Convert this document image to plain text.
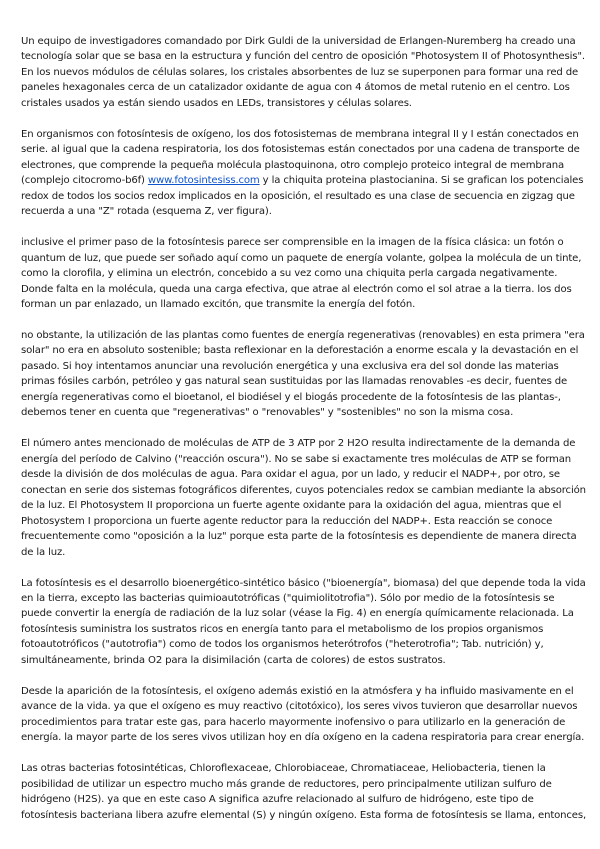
Un equipo de investigadores comandado por Dirk Guldi de la universidad de Erlangen-Nuremberg ha creado una tecnología solar que se basa en la estructura y función del centro de oposición "Photosystem II of Photosynthesis". En los nuevos módulos de células solares, los cristales absorbentes de luz se superponen para formar una red de paneles hexagonales cerca de un catalizador oxidante de agua con 4 átomos de metal rutenio en el centro. Los cristales usados ya están siendo usados en LEDs, transistores y células solares.

En organismos con fotosíntesis de oxígeno, los dos fotosistemas de membrana integral II y I están conectados en serie. al igual que la cadena respiratoria, los dos fotosistemas están conectados por una cadena de transporte de electrones, que comprende la pequeña molécula plastoquinona, otro complejo proteico integral de membrana (complejo citocromo-b6f) www.fotosintesiss.com y la chiquita proteina plastocianina. Si se grafican los potenciales redox de todos los socios redox implicados en la oposición, el resultado es una clase de secuencia en zigzag que recuerda a una "Z" rotada (esquema Z, ver figura).

inclusive el primer paso de la fotosíntesis parece ser comprensible en la imagen de la física clásica: un fotón o quantum de luz, que puede ser soñado aquí como un paquete de energía volante, golpea la molécula de un tinte, como la clorofila, y elimina un electrón, concebido a su vez como una chiquita perla cargada negativamente. Donde falta en la molécula, queda una carga efectiva, que atrae al electrón como el sol atrae a la tierra. los dos forman un par enlazado, un llamado excitón, que transmite la energía del fotón.

no obstante, la utilización de las plantas como fuentes de energía regenerativas (renovables) en esta primera "era solar" no era en absoluto sostenible; basta reflexionar en la deforestación a enorme escala y la devastación en el pasado. Si hoy intentamos anunciar una revolución energética y una exclusiva era del sol donde las materias primas fósiles carbón, petróleo y gas natural sean sustituidas por las llamadas renovables -es decir, fuentes de energía regenerativas como el bioetanol, el biodiésel y el biogás procedente de la fotosíntesis de las plantas-, debemos tener en cuenta que "regenerativas" o "renovables" y "sostenibles" no son la misma cosa.

El número antes mencionado de moléculas de ATP de 3 ATP por 2 H2O resulta indirectamente de la demanda de energía del período de Calvino ("reacción oscura"). No se sabe si exactamente tres moléculas de ATP se forman desde la división de dos moléculas de agua. Para oxidar el agua, por un lado, y reducir el NADP+, por otro, se conectan en serie dos sistemas fotográficos diferentes, cuyos potenciales redox se cambian mediante la absorción de la luz. El Photosystem II proporciona un fuerte agente oxidante para la oxidación del agua, mientras que el Photosystem I proporciona un fuerte agente reductor para la reducción del NADP+. Esta reacción se conoce frecuentemente como "oposición a la luz" porque esta parte de la fotosíntesis es dependiente de manera directa de la luz.

La fotosíntesis es el desarrollo bioenergético-sintético básico ("bioenergía", biomasa) del que depende toda la vida en la tierra, excepto las bacterias quimioautotróficas ("quimiolitotrofia"). Sólo por medio de la fotosíntesis se puede convertir la energía de radiación de la luz solar (véase la Fig. 4) en energía químicamente relacionada. La fotosíntesis suministra los sustratos ricos en energía tanto para el metabolismo de los propios organismos fotoautotróficos ("autotrofia") como de todos los organismos heterótrofos ("heterotrofia"; Tab. nutrición) y, simultáneamente, brinda O2 para la disimilación (carta de colores) de estos sustratos.

Desde la aparición de la fotosíntesis, el oxígeno además existió en la atmósfera y ha influido masivamente en el avance de la vida. ya que el oxígeno es muy reactivo (citotóxico), los seres vivos tuvieron que desarrollar nuevos procedimientos para tratar este gas, para hacerlo mayormente inofensivo o para utilizarlo en la generación de energía. la mayor parte de los seres vivos utilizan hoy en día oxígeno en la cadena respiratoria para crear energía.

Las otras bacterias fotosintéticas, Chloroflexaceae, Chlorobiaceae, Chromatiaceae, Heliobacteria, tienen la posibilidad de utilizar un espectro mucho más grande de reductores, pero principalmente utilizan sulfuro de hidrógeno (H2S). ya que en este caso A significa azufre relacionado al sulfuro de hidrógeno, este tipo de fotosíntesis bacteriana libera azufre elemental (S) y ningún oxígeno. Esta forma de fotosíntesis se llama, entonces,
